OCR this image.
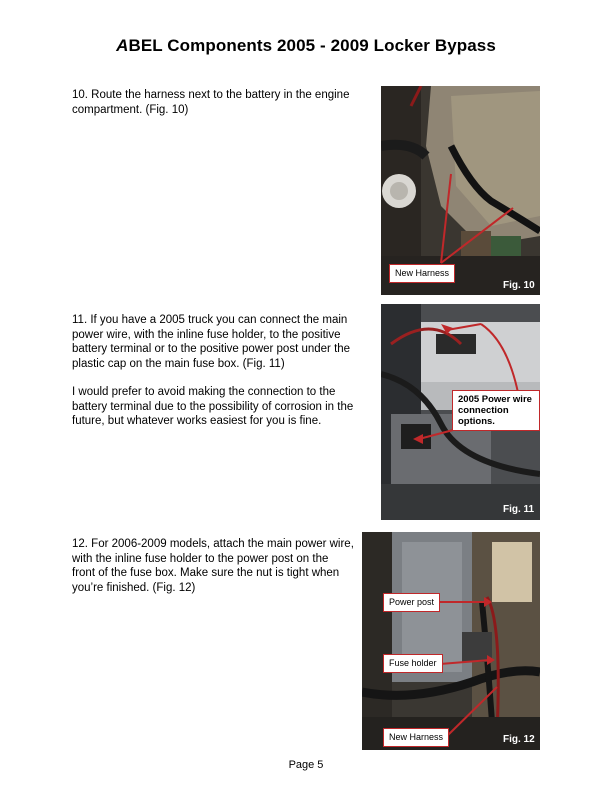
ABEL Components 2005 - 2009 Locker Bypass

10. Route the harness next to the battery in the engine compartment. (Fig. 10)

New Harness
Fig. 10

11. If you have a 2005 truck you can connect the main power wire, with the inline fuse holder, to the positive battery terminal or to the positive power post under the plastic cap on the main fuse box. (Fig. 11)

I would prefer to avoid making the connection to the battery terminal due to the possibility of corrosion in the future, but whatever works easiest for you is fine.

2005 Power wire connection options.
Fig. 11

12. For 2006-2009 models, attach the main power wire, with the inline fuse holder to the power post on the front of the fuse box. Make sure the nut is tight when you’re finished. (Fig. 12)

Power post
Fuse holder
New Harness	Fig. 12
Page 5
